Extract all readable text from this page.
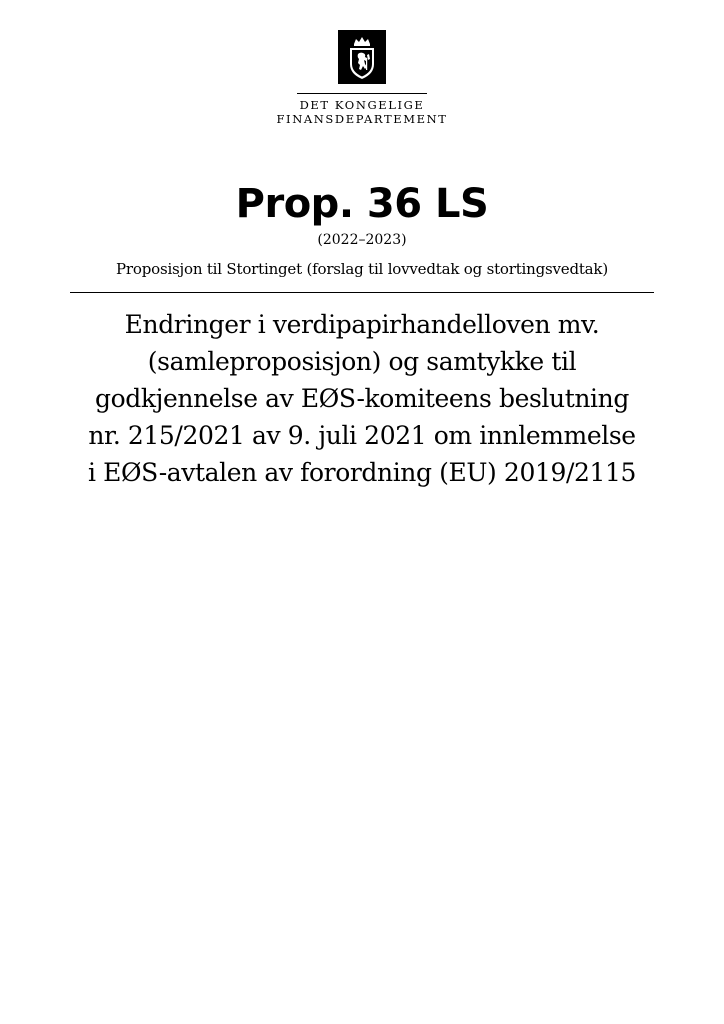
DET KONGELIGE
FINANSDEPARTEMENT
Prop. 36 LS
(2022–2023)
Proposisjon til Stortinget (forslag til lovvedtak og stortingsvedtak)
Endringer i verdipapirhandelloven mv.
(samleproposisjon) og samtykke til
godkjennelse av EØS-komiteens beslutning
nr. 215/2021 av 9. juli 2021 om innlemmelse
i EØS-avtalen av forordning (EU) 2019/2115
